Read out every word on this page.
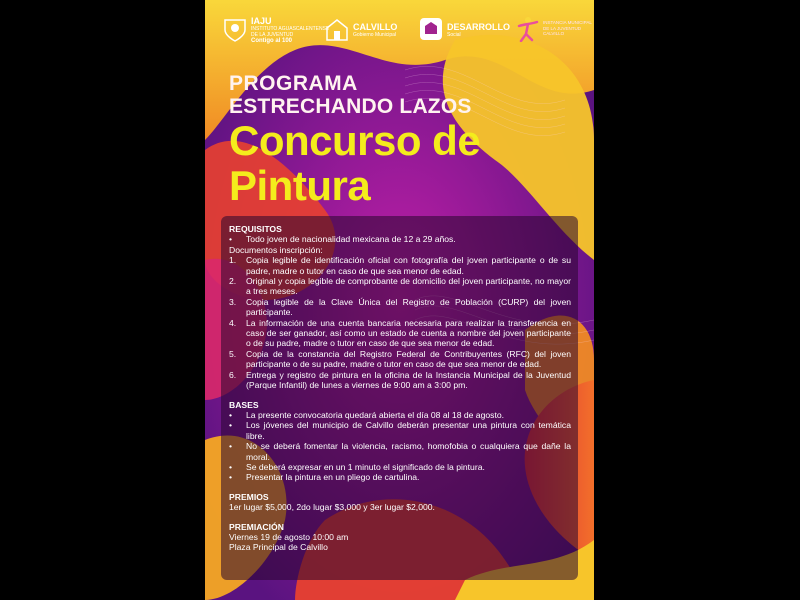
IAJU
INSTITUTO AGUASCALENTENSE
DE LA JUVENTUD
Contigo al 100
CALVILLO
Gobierno Municipal
DESARROLLO
Social
INSTANCIA MUNICIPAL
DE LA JUVENTUD
CALVILLO
PROGRAMA
ESTRECHANDO LAZOS
Concurso de
Pintura
REQUISITOS
•	Todo joven de nacionalidad mexicana de 12 a 29 años.
Documentos inscripción:
1.	Copia legible de identificación oficial con fotografía del joven participante o de su padre, madre o tutor en caso de que sea menor de edad.
2.	Original y copia legible de comprobante de domicilio del joven participante, no mayor a tres meses.
3.	Copia legible de la Clave Única del Registro de Población (CURP) del joven participante.
4.	La información de una cuenta bancaria necesaria para realizar la transferencia en caso de ser ganador, así como un estado de cuenta a nombre del joven participante o de su padre, madre o tutor en caso de que sea menor de edad.
5.	Copia de la constancia del Registro Federal de Contribuyentes (RFC) del joven participante o de su padre, madre o tutor en caso de que sea menor de edad.
6.	Entrega y registro de pintura en la oficina de la Instancia Municipal de la Juventud (Parque Infantil) de lunes a viernes de 9:00 am a 3:00 pm.
BASES
•	La presente convocatoria quedará abierta el día 08 al 18 de agosto.
•	Los jóvenes del municipio de Calvillo deberán presentar una pintura con temática libre.
•	No se deberá fomentar la violencia, racismo, homofobia o cualquiera que dañe la moral.
•	Se deberá expresar en un 1 minuto el significado de la pintura.
•	Presentar la pintura en un pliego de cartulina.
PREMIOS
1er lugar $5,000, 2do lugar $3,000 y 3er lugar $2,000.
PREMIACIÓN
Viernes 19 de agosto 10:00 am
Plaza Principal de Calvillo
